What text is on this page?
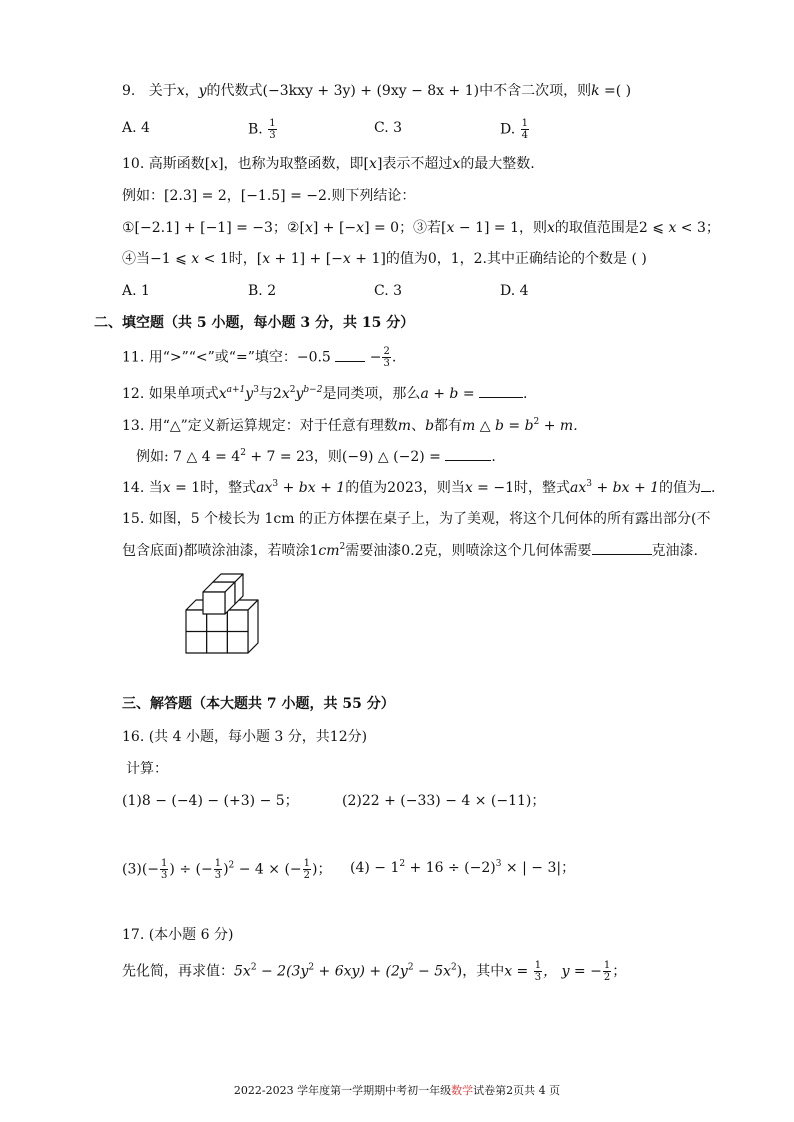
9. 关于x，y的代数式(−3kxy + 3y) + (9xy − 8x + 1)中不含二次项，则k =( )
A. 4	B. $\frac{1}{3}$	C. 3	D. $\frac{1}{4}$
10. 高斯函数[x]，也称为取整函数，即[x]表示不超过x的最大整数.
例如：[2.3] = 2，[−1.5] = −2.则下列结论：
①[−2.1] + [−1] = −3；②[x] + [−x] = 0；③若[x − 1] = 1，则x的取值范围是2 ⩽ x < 3；
④当−1 ⩽ x < 1时，[x + 1] + [−x + 1]的值为0，1，2.其中正确结论的个数是 ( )
A. 1	B. 2	C. 3	D. 4
二、填空题（共 5 小题，每小题 3 分，共 15 分）
11. 用“>”“<”或“=”填空：$-0.5 - \frac{2}{3}$ .
12. 如果单项式$x^{a+1}y^3$与$2x^2y^{b-2}$是同类项，那么a + b =	.
13. 用“△”定义新运算规定：对于任意有理数m、b都有m △ $b = b^2 + m$.
例如: 7 △ $4 = 4^2 + 7 = 23$，则(−9) △ (−2) =	.
14. 当x = 1时，整式$ax^3$ + bx + 1的值为2023，则当x = −1时，整式$ax^3$ + bx + 1的值为 .
15. 如图，5 个棱长为 1cm 的正方体摆在桌子上，为了美观，将这个几何体的所有露出部分(不
包含底面)都喷涂油漆，若喷涂$1cm^2$需要油漆0.2克，则喷涂这个几何体需要	克油漆.
三、解答题（本大题共 7 小题，共 55 分）
16. (共 4 小题，每小题 3 分，共12分)
计算：
(1)8 − (−4) − (+3) − 5；	(2)22 + (−33) − 4 × (−11)；
$(3)(- \frac{1}{3}$ ) ÷ (− $\frac{1}{3} )^2 - 4$ × (− $\frac{1}{2}$ )； $(4) - 1^2 + 16 \div (-2)^3$ × | − 3|；
17. (本小题 6 分)
先化简，再求值：$5x^2 - 2(3y^2 + 6xy) + (2y^2 - 5x^2)$，其中$x = \frac{1}{3}$ ， y = − $\frac{1}{2}$ ；
2022-2023 学年度第一学期期中考初一年级数学试卷第2页共 4 页
